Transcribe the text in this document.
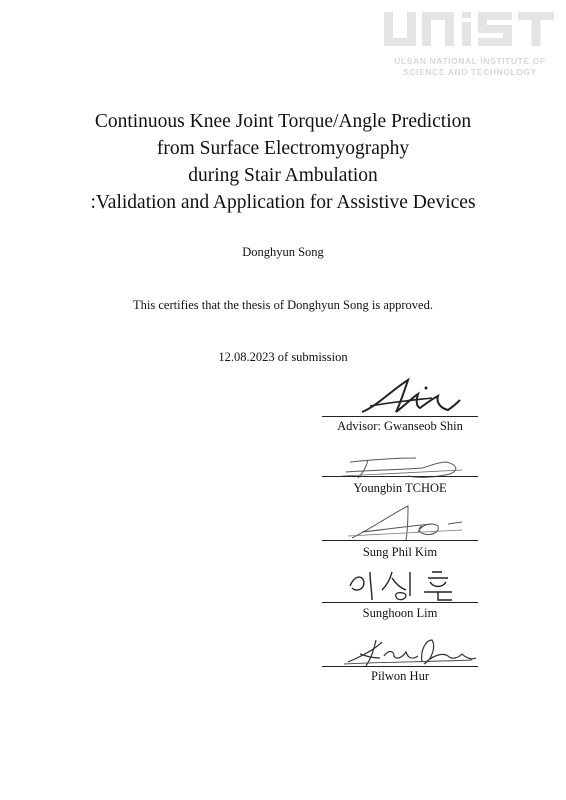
ULSAN NATIONAL INSTITUTE OF
SCIENCE AND TECHNOLOGY
Continuous Knee Joint Torque/Angle Prediction
from Surface Electromyography
during Stair Ambulation
:Validation and Application for Assistive Devices
Donghyun Song
This certifies that the thesis of Donghyun Song is approved.
12.08.2023 of submission
Advisor: Gwanseob Shin
Youngbin TCHOE
Sung Phil Kim
Sunghoon Lim
Pilwon Hur
